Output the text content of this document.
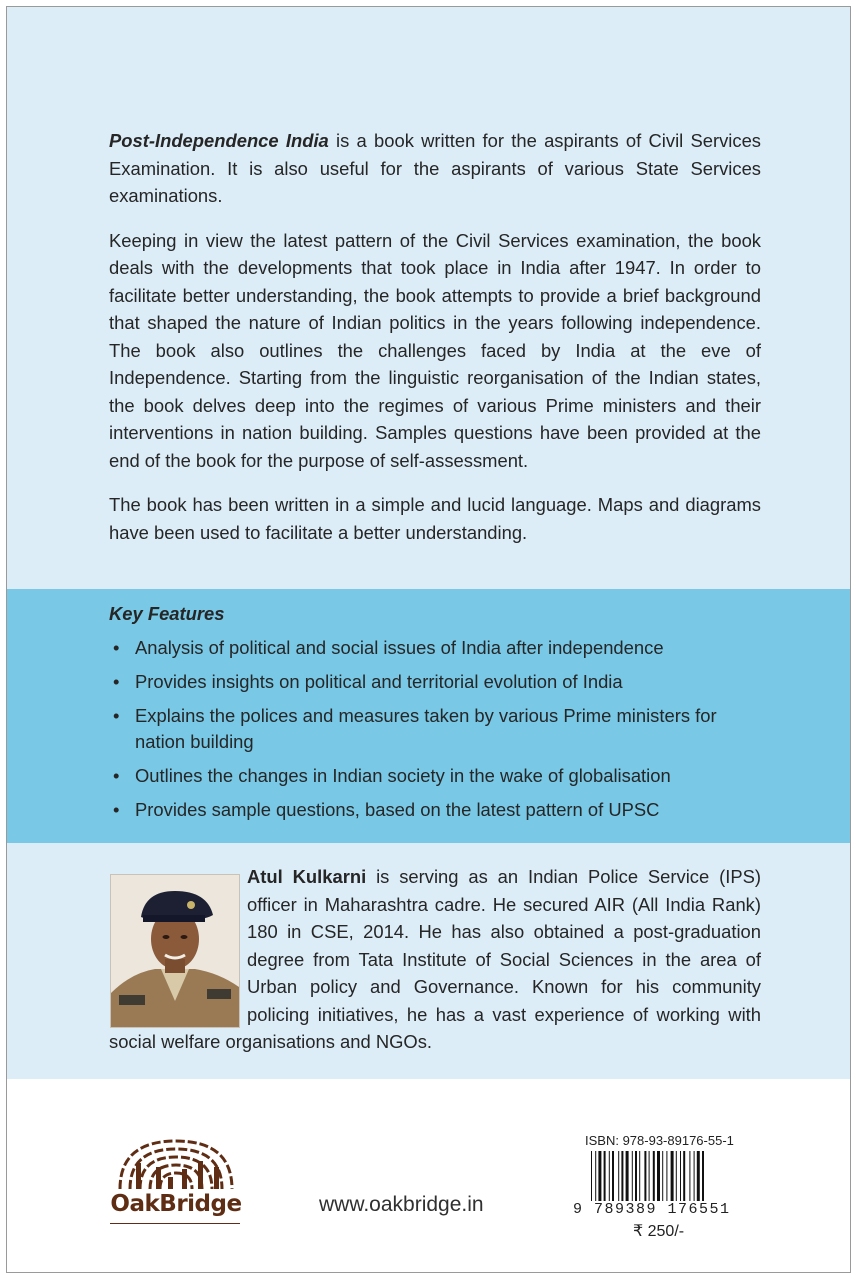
Post-Independence India is a book written for the aspirants of Civil Services Examination. It is also useful for the aspirants of various State Services examinations.

Keeping in view the latest pattern of the Civil Services examination, the book deals with the developments that took place in India after 1947. In order to facilitate better understanding, the book attempts to provide a brief background that shaped the nature of Indian politics in the years following independence. The book also outlines the challenges faced by India at the eve of Independence. Starting from the linguistic reorganisation of the Indian states, the book delves deep into the regimes of various Prime ministers and their interventions in nation building. Samples questions have been provided at the end of the book for the purpose of self-assessment.

The book has been written in a simple and lucid language. Maps and diagrams have been used to facilitate a better understanding.

Key Features
• Analysis of political and social issues of India after independence
• Provides insights on political and territorial evolution of India
• Explains the polices and measures taken by various Prime ministers for nation building
• Outlines the changes in Indian society in the wake of globalisation
• Provides sample questions, based on the latest pattern of UPSC

Atul Kulkarni is serving as an Indian Police Service (IPS) officer in Maharashtra cadre. He secured AIR (All India Rank) 180 in CSE, 2014. He has also obtained a post-graduation degree from Tata Institute of Social Sciences in the area of Urban policy and Governance. Known for his community policing initiatives, he has a vast experience of working with social welfare organisations and NGOs.

OakBridge	www.oakbridge.in
ISBN: 978-93-89176-55-1
9 789389 176551
₹ 250/-
